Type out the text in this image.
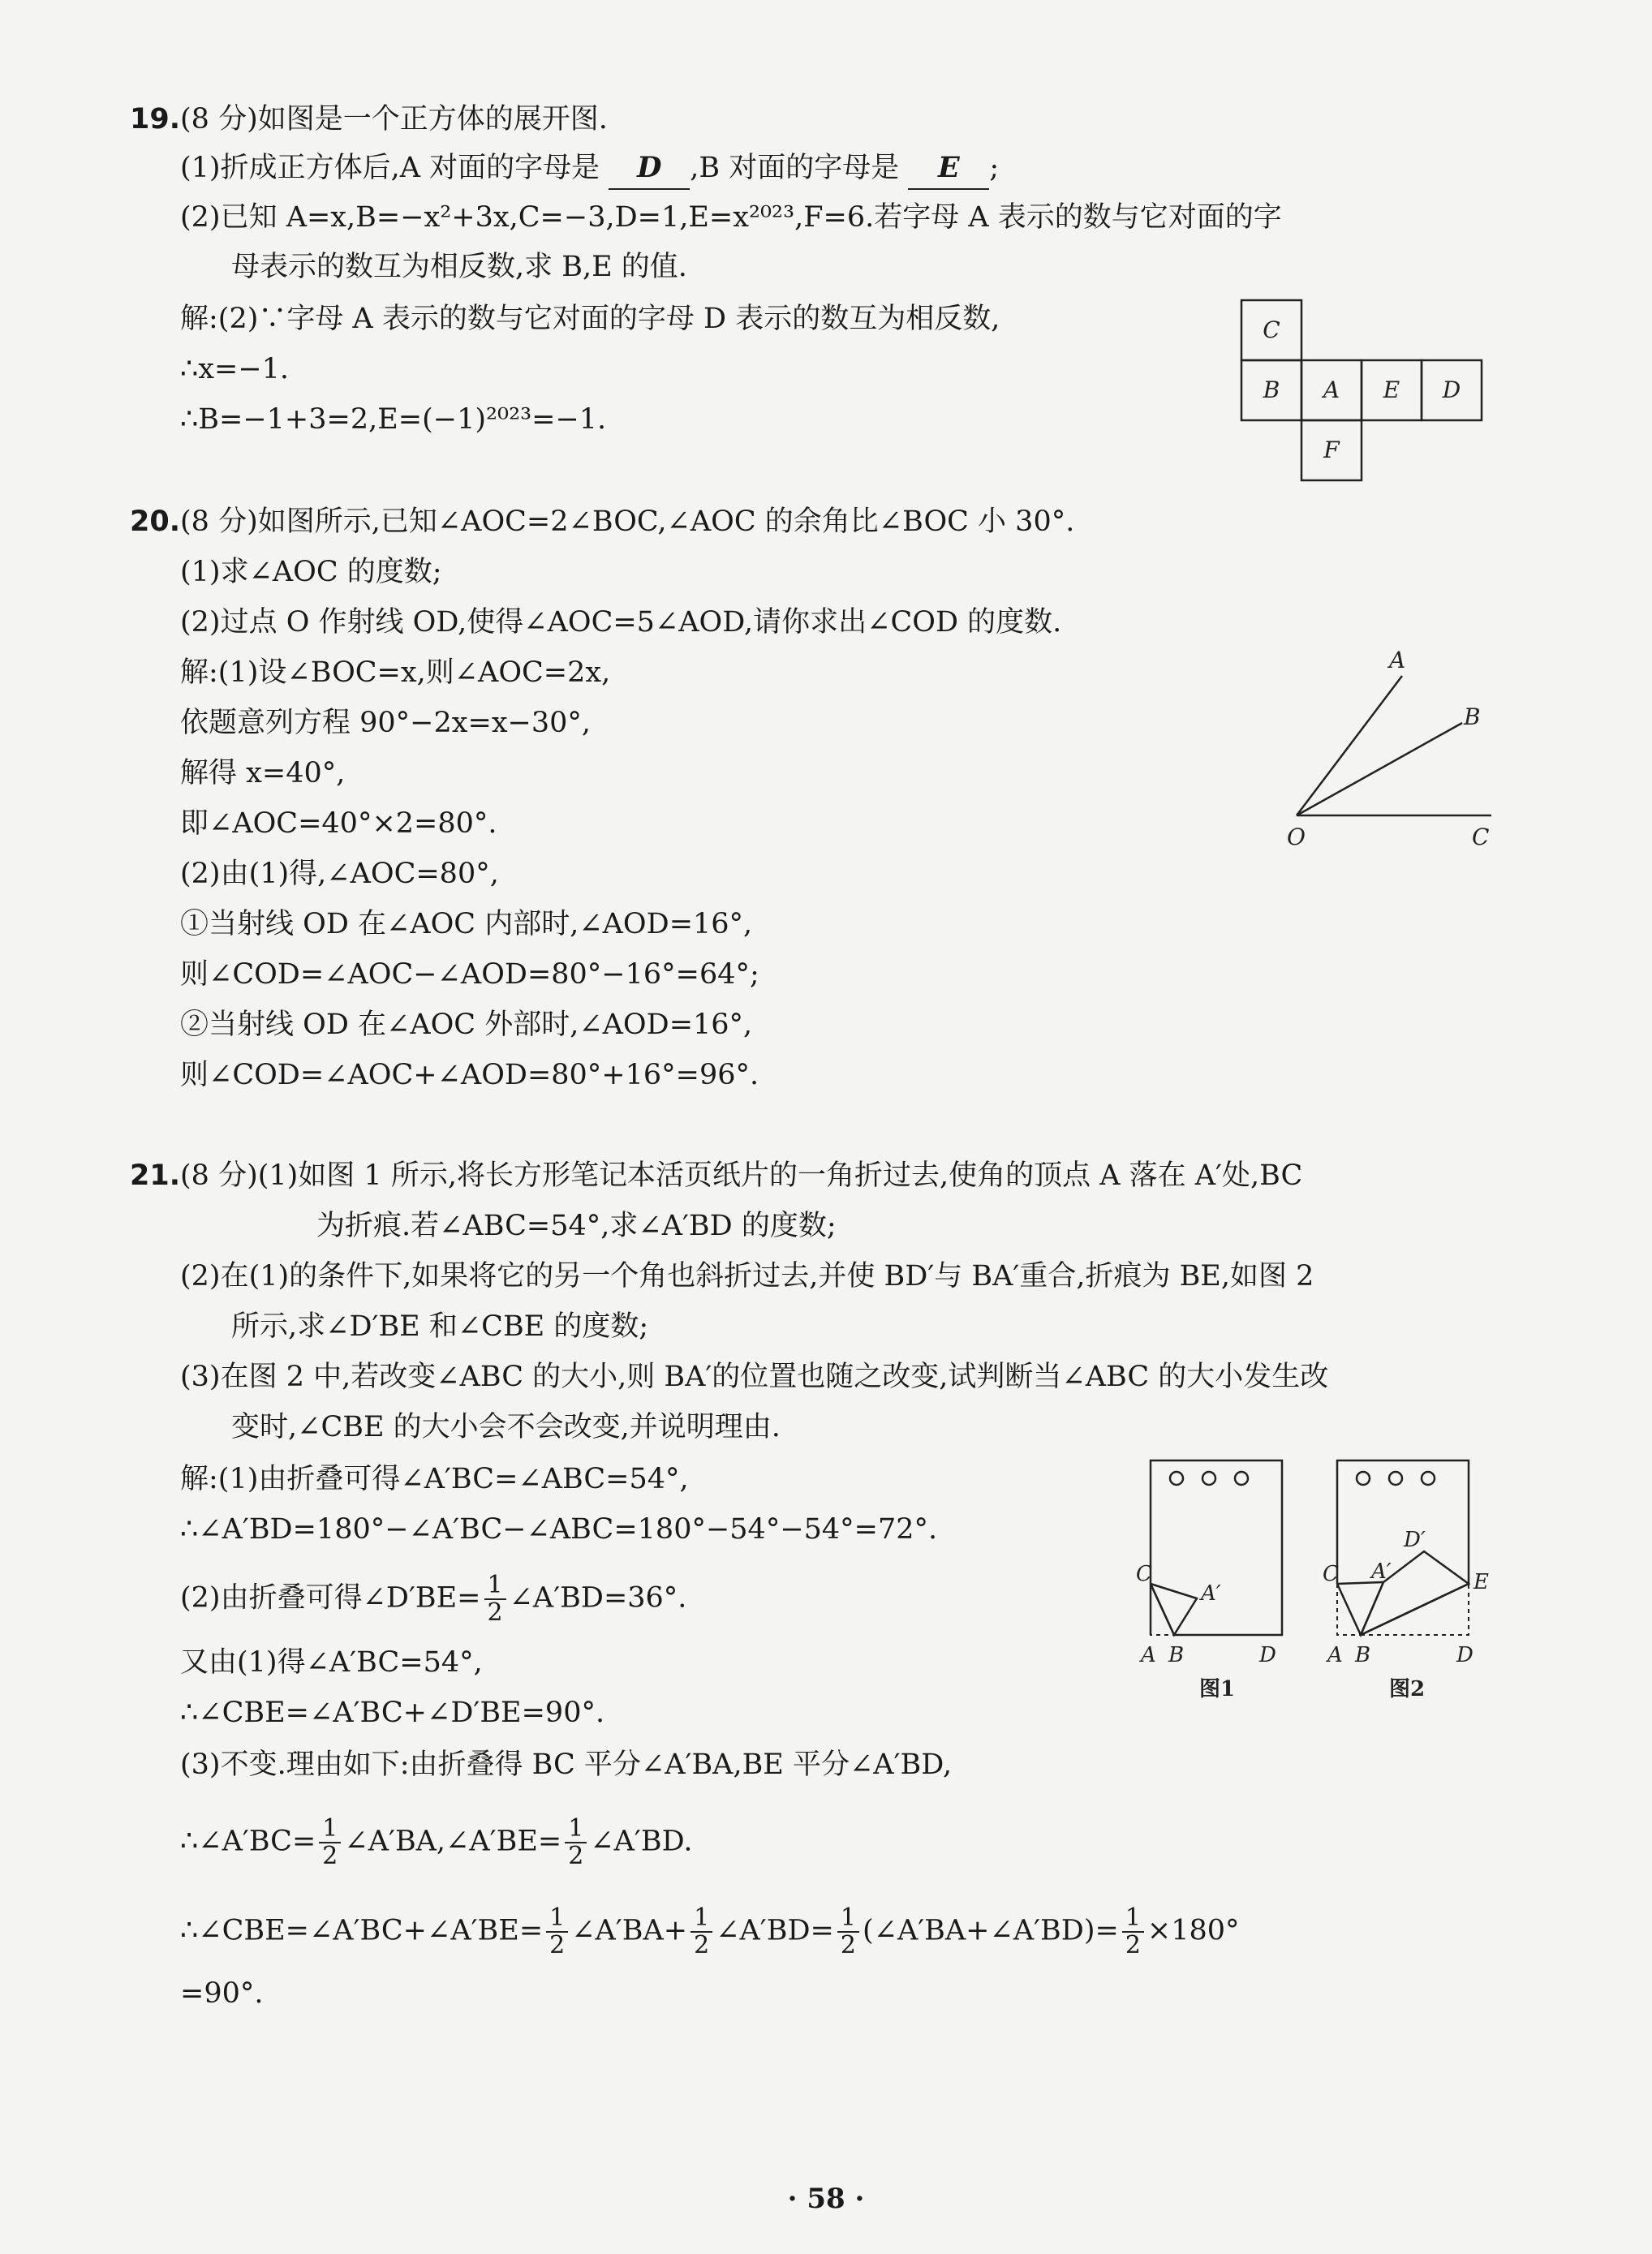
19.(8 分)如图是一个正方体的展开图.
(1)折成正方体后,A 对面的字母是 D ,B 对面的字母是 E ;
(2)已知 A=x,B=−x²+3x,C=−3,D=1,E=x²⁰²³,F=6.若字母 A 表示的数与它对面的字
母表示的数互为相反数,求 B,E 的值.
解:(2)∵字母 A 表示的数与它对面的字母 D 表示的数互为相反数,
∴x=−1.
∴B=−1+3=2,E=(−1)²⁰²³=−1.
C
B A E D
F
20.(8 分)如图所示,已知∠AOC=2∠BOC,∠AOC 的余角比∠BOC 小 30°.
(1)求∠AOC 的度数;
(2)过点 O 作射线 OD,使得∠AOC=5∠AOD,请你求出∠COD 的度数.
解:(1)设∠BOC=x,则∠AOC=2x,
依题意列方程 90°−2x=x−30°,
解得 x=40°,
即∠AOC=40°×2=80°.
(2)由(1)得,∠AOC=80°,
①当射线 OD 在∠AOC 内部时,∠AOD=16°,
则∠COD=∠AOC−∠AOD=80°−16°=64°;
②当射线 OD 在∠AOC 外部时,∠AOD=16°,
则∠COD=∠AOC+∠AOD=80°+16°=96°.
A
B
O	C
21.(8 分)(1)如图 1 所示,将长方形笔记本活页纸片的一角折过去,使角的顶点 A 落在 A′处,BC
为折痕.若∠ABC=54°,求∠A′BD 的度数;
(2)在(1)的条件下,如果将它的另一个角也斜折过去,并使 BD′与 BA′重合,折痕为 BE,如图 2
所示,求∠D′BE 和∠CBE 的度数;
(3)在图 2 中,若改变∠ABC 的大小,则 BA′的位置也随之改变,试判断当∠ABC 的大小发生改
变时,∠CBE 的大小会不会改变,并说明理由.
解:(1)由折叠可得∠A′BC=∠ABC=54°,
∴∠A′BD=180°−∠A′BC−∠ABC=180°−54°−54°=72°.
(2)由折叠可得∠D′BE= $\frac{1}{2}$ ∠A′BD=36°.
又由(1)得∠A′BC=54°,
∴∠CBE=∠A′BC+∠D′BE=90°.
(3)不变.理由如下:由折叠得 BC 平分∠A′BA,BE 平分∠A′BD,
∴∠A′BC= $\frac{1}{2}$ ∠A′BA,∠A′BE= $\frac{1}{2}$ ∠A′BD.
∴∠CBE=∠A′BC+∠A′BE= $\frac{1}{2}$ ∠A′BA+ $\frac{1}{2}$ ∠A′BD= $\frac{1}{2}$ (∠A′BA+∠A′BD)= $\frac{1}{2} \times 180^\circ$
=90°.
C
A′
A B	D
图1
C A′
D′
E
A B	D
图2
· 58 ·
